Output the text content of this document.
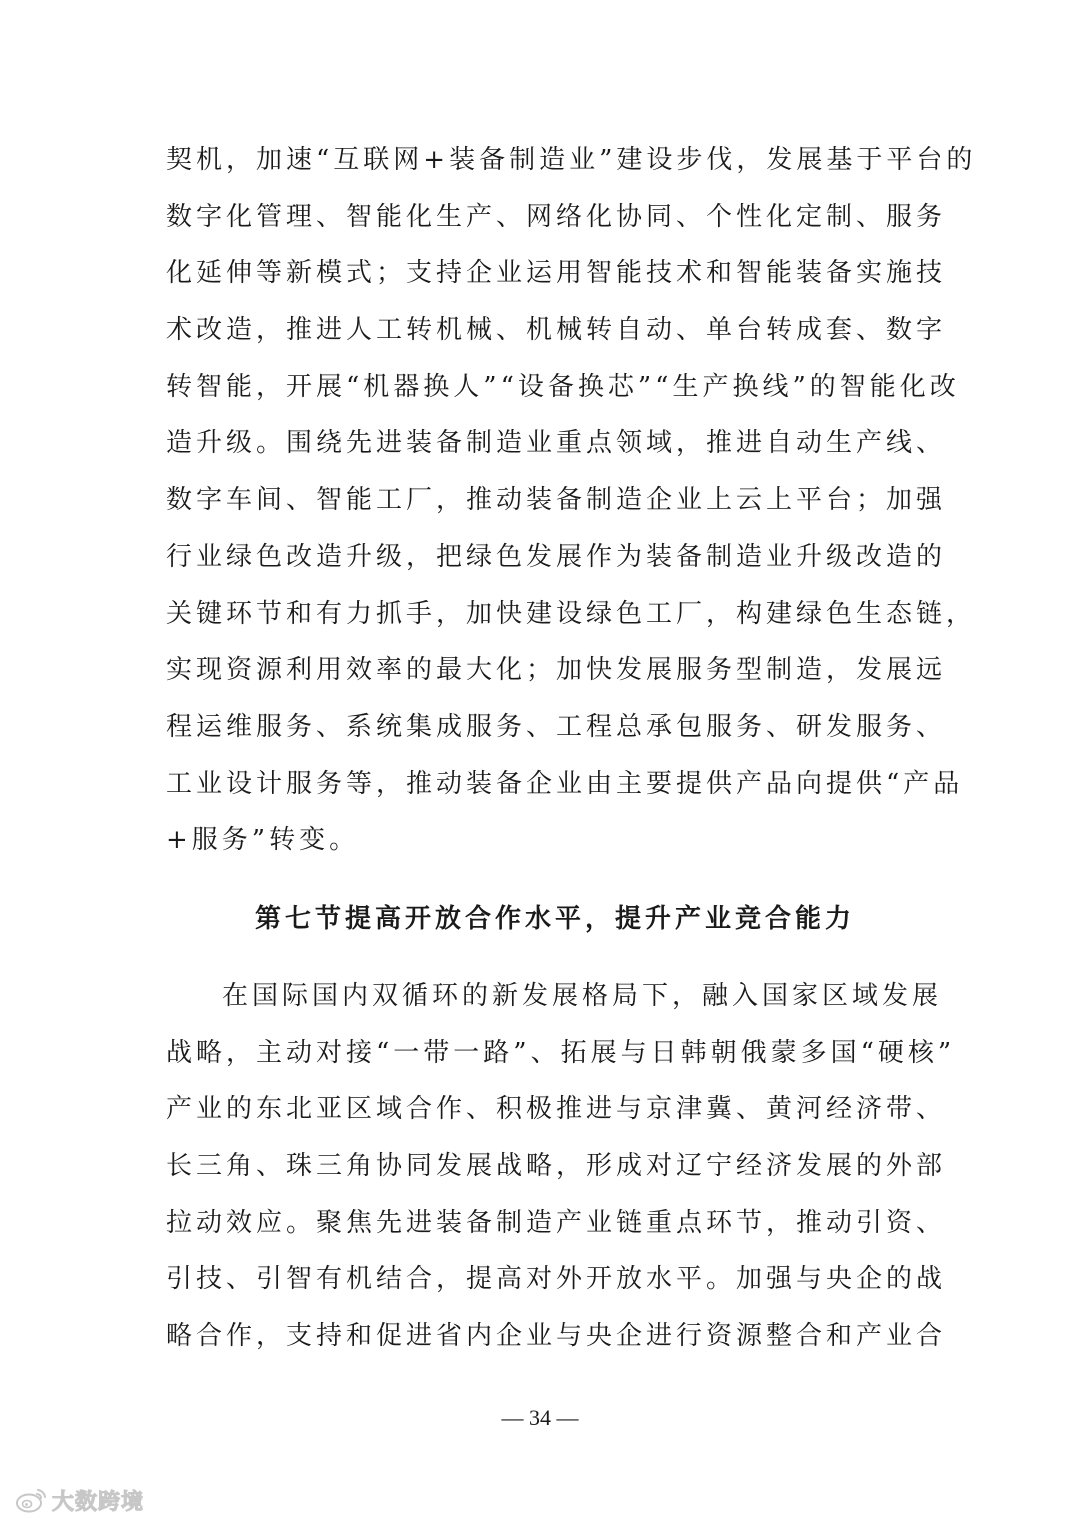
契机，加速“互联网+装备制造业”建设步伐，发展基于平台的
数字化管理、智能化生产、网络化协同、个性化定制、服务
化延伸等新模式；支持企业运用智能技术和智能装备实施技
术改造，推进人工转机械、机械转自动、单台转成套、数字
转智能，开展“机器换人”“设备换芯”“生产换线”的智能化改
造升级。围绕先进装备制造业重点领域，推进自动生产线、
数字车间、智能工厂，推动装备制造企业上云上平台；加强
行业绿色改造升级，把绿色发展作为装备制造业升级改造的
关键环节和有力抓手，加快建设绿色工厂，构建绿色生态链，
实现资源利用效率的最大化；加快发展服务型制造，发展远
程运维服务、系统集成服务、工程总承包服务、研发服务、
工业设计服务等，推动装备企业由主要提供产品向提供“产品
+服务”转变。
第七节提高开放合作水平，提升产业竞合能力
在国际国内双循环的新发展格局下，融入国家区域发展
战略，主动对接“一带一路”、拓展与日韩朝俄蒙多国“硬核”
产业的东北亚区域合作、积极推进与京津冀、黄河经济带、
长三角、珠三角协同发展战略，形成对辽宁经济发展的外部
拉动效应。聚焦先进装备制造产业链重点环节，推动引资、
引技、引智有机结合，提高对外开放水平。加强与央企的战
略合作，支持和促进省内企业与央企进行资源整合和产业合
— 34 —
大数跨境
